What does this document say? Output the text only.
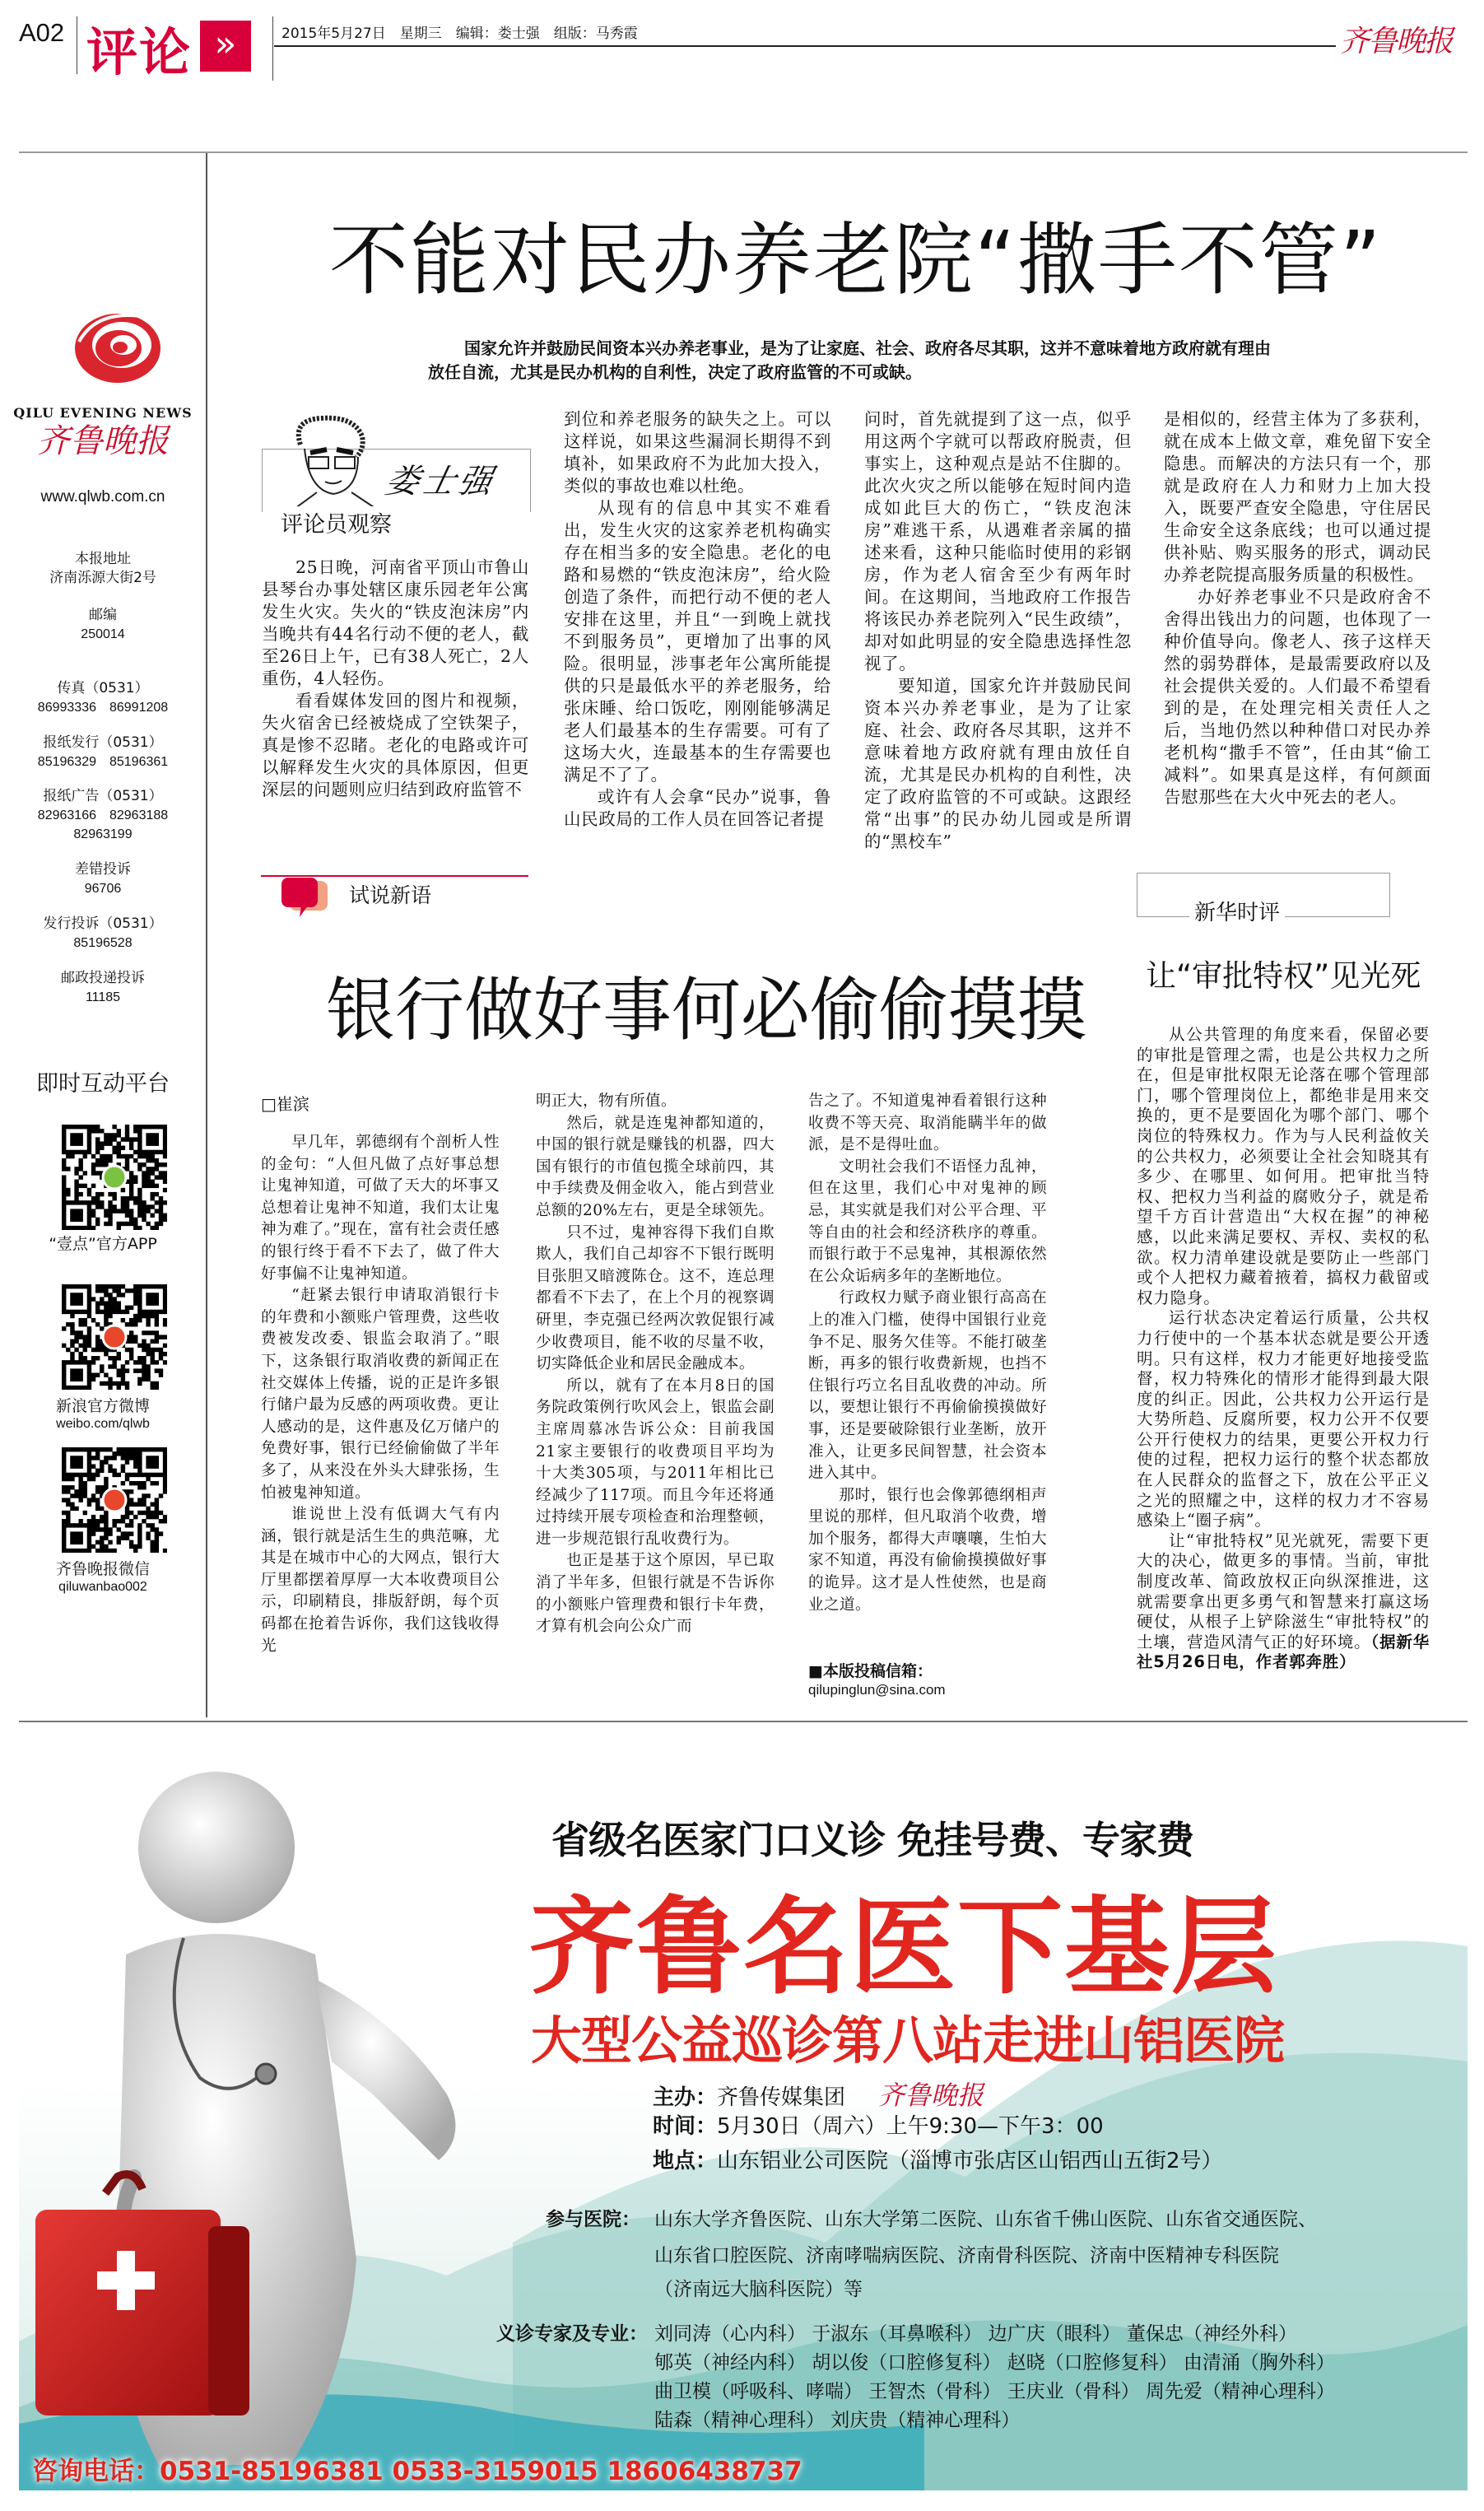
A02 评论 »	2015年5月27日　星期三　编辑：娄士强　组版：马秀霞	齐鲁晚报
QILU EVENING NEWS
齐鲁晚报
www.qlwb.com.cn
本报地址
济南泺源大街2号
邮编
250014
传真（0531）
86993336　86991208
报纸发行（0531）
85196329　85196361
报纸广告（0531）
82963166　82963188
82963199
差错投诉
96706
发行投诉（0531）
85196528
邮政投递投诉
11185
即时互动平台
“壹点”官方APP
新浪官方微博
weibo.com/qlwb
齐鲁晚报微信
qiluwanbao002
不能对民办养老院“撒手不管”
国家允许并鼓励民间资本兴办养老事业，是为了让家庭、社会、政府各尽其职，这并不意味着地方政府就有理由放任自流，尤其是民办机构的自利性，决定了政府监管的不可或缺。
娄士强
评论员观察

25日晚，河南省平顶山市鲁山县琴台办事处辖区康乐园老年公寓发生火灾。失火的“铁皮泡沫房”内当晚共有44名行动不便的老人，截至26日上午，已有38人死亡，2人重伤，4人轻伤。

看看媒体发回的图片和视频，失火宿舍已经被烧成了空铁架子，真是惨不忍睹。老化的电路或许可以解释发生火灾的具体原因，但更深层的问题则应归结到政府监管不

到位和养老服务的缺失之上。可以这样说，如果这些漏洞长期得不到填补，如果政府不为此加大投入，类似的事故也难以杜绝。

从现有的信息中其实不难看出，发生火灾的这家养老机构确实存在相当多的安全隐患。老化的电路和易燃的“铁皮泡沫房”，给火险创造了条件，而把行动不便的老人安排在这里，并且“一到晚上就找不到服务员”，更增加了出事的风险。很明显，涉事老年公寓所能提供的只是最低水平的养老服务，给张床睡、给口饭吃，刚刚能够满足老人们最基本的生存需要。可有了这场大火，连最基本的生存需要也满足不了了。

或许有人会拿“民办”说事，鲁山民政局的工作人员在回答记者提

问时，首先就提到了这一点，似乎用这两个字就可以帮政府脱责，但事实上，这种观点是站不住脚的。此次火灾之所以能够在短时间内造成如此巨大的伤亡，“铁皮泡沫房”难逃干系，从遇难者亲属的描述来看，这种只能临时使用的彩钢房，作为老人宿舍至少有两年时间。在这期间，当地政府工作报告将该民办养老院列入“民生政绩”，却对如此明显的安全隐患选择性忽视了。

要知道，国家允许并鼓励民间资本兴办养老事业，是为了让家庭、社会、政府各尽其职，这并不意味着地方政府就有理由放任自流，尤其是民办机构的自利性，决定了政府监管的不可或缺。这跟经常“出事”的民办幼儿园或是所谓的“黑校车”

是相似的，经营主体为了多获利，就在成本上做文章，难免留下安全隐患。而解决的方法只有一个，那就是政府在人力和财力上加大投入，既要严查安全隐患，守住居民生命安全这条底线；也可以通过提供补贴、购买服务的形式，调动民办养老院提高服务质量的积极性。

办好养老事业不只是政府舍不舍得出钱出力的问题，也体现了一种价值导向。像老人、孩子这样天然的弱势群体，是最需要政府以及社会提供关爱的。人们最不希望看到的是，在处理完相关责任人之后，当地仍然以种种借口对民办养老机构“撒手不管”，任由其“偷工减料”。如果真是这样，有何颜面告慰那些在大火中死去的老人。

试说新语
银行做好事何必偷偷摸摸
□崔滨

早几年，郭德纲有个剖析人性的金句：“人但凡做了点好事总想让鬼神知道，可做了天大的坏事又总想着让鬼神不知道，我们太让鬼神为难了。”现在，富有社会责任感的银行终于看不下去了，做了件大好事偏不让鬼神知道。

“赶紧去银行申请取消银行卡的年费和小额账户管理费，这些收费被发改委、银监会取消了。”眼下，这条银行取消收费的新闻正在社交媒体上传播，说的正是许多银行储户最为反感的两项收费。更让人感动的是，这件惠及亿万储户的免费好事，银行已经偷偷做了半年多了，从来没在外头大肆张扬，生怕被鬼神知道。

谁说世上没有低调大气有内涵，银行就是活生生的典范嘛，尤其是在城市中心的大网点，银行大厅里都摆着厚厚一大本收费项目公示，印刷精良，排版舒朗，每个页码都在抢着告诉你，我们这钱收得光

明正大，物有所值。

然后，就是连鬼神都知道的，中国的银行就是赚钱的机器，四大国有银行的市值包揽全球前四，其中手续费及佣金收入，能占到营业总额的20%左右，更是全球领先。

只不过，鬼神容得下我们自欺欺人，我们自己却容不下银行既明目张胆又暗渡陈仓。这不，连总理都看不下去了，在上个月的视察调研里，李克强已经两次敦促银行减少收费项目，能不收的尽量不收，切实降低企业和居民金融成本。

所以，就有了在本月8日的国务院政策例行吹风会上，银监会副主席周慕冰告诉公众：目前我国21家主要银行的收费项目平均为十大类305项，与2011年相比已经减少了117项。而且今年还将通过持续开展专项检查和治理整顿，进一步规范银行乱收费行为。

也正是基于这个原因，早已取消了半年多，但银行就是不告诉你的小额账户管理费和银行卡年费，才算有机会向公众广而

告之了。不知道鬼神看着银行这种收费不等天亮、取消能瞒半年的做派，是不是得吐血。

文明社会我们不语怪力乱神，但在这里，我们心中对鬼神的顾忌，其实就是我们对公平合理、平等自由的社会和经济秩序的尊重。而银行敢于不忌鬼神，其根源依然在公众诟病多年的垄断地位。

行政权力赋予商业银行高高在上的准入门槛，使得中国银行业竞争不足、服务欠佳等。不能打破垄断，再多的银行收费新规，也挡不住银行巧立名目乱收费的冲动。所以，要想让银行不再偷偷摸摸做好事，还是要破除银行业垄断，放开准入，让更多民间智慧，社会资本进入其中。

那时，银行也会像郭德纲相声里说的那样，但凡取消个收费，增加个服务，都得大声嚷嚷，生怕大家不知道，再没有偷偷摸摸做好事的诡异。这才是人性使然，也是商业之道。

■本版投稿信箱：
qilupinglun@sina.com
新华时评
让“审批特权”见光死

从公共管理的角度来看，保留必要的审批是管理之需，也是公共权力之所在，但是审批权限无论落在哪个管理部门，哪个管理岗位上，都绝非是用来交换的，更不是要固化为哪个部门、哪个岗位的特殊权力。作为与人民利益攸关的公共权力，必须要让全社会知晓其有多少、在哪里、如何用。把审批当特权、把权力当利益的腐败分子，就是希望千方百计营造出“大权在握”的神秘感，以此来满足要权、弄权、卖权的私欲。权力清单建设就是要防止一些部门或个人把权力藏着掖着，搞权力截留或权力隐身。

运行状态决定着运行质量，公共权力行使中的一个基本状态就是要公开透明。只有这样，权力才能更好地接受监督，权力特殊化的情形才能得到最大限度的纠正。因此，公共权力公开运行是大势所趋、反腐所要，权力公开不仅要公开行使权力的结果，更要公开权力行使的过程，把权力运行的整个状态都放在人民群众的监督之下，放在公平正义之光的照耀之中，这样的权力才不容易感染上“圈子病”。

让“审批特权”见光就死，需要下更大的决心，做更多的事情。当前，审批制度改革、简政放权正向纵深推进，这就需要拿出更多勇气和智慧来打赢这场硬仗，从根子上铲除滋生“审批特权”的土壤，营造风清气正的好环境。（据新华社5月26日电，作者郭奔胜）

省级名医家门口义诊 免挂号费、专家费
齐鲁名医下基层
大型公益巡诊第八站走进山铝医院
主办：齐鲁传媒集团 齐鲁晚报
时间：5月30日（周六）上午9:30—下午3：00
地点：山东铝业公司医院（淄博市张店区山铝西山五街2号）
参与医院： 山东大学齐鲁医院、山东大学第二医院、山东省千佛山医院、山东省交通医院、
山东省口腔医院、济南哮喘病医院、济南骨科医院、济南中医精神专科医院
（济南远大脑科医院）等
义诊专家及专业： 刘同涛（心内科） 于淑东（耳鼻喉科） 边广庆（眼科） 董保忠（神经外科）
郇英（神经内科） 胡以俊（口腔修复科） 赵晓（口腔修复科） 由清涌（胸外科）
曲卫模（呼吸科、哮喘） 王智杰（骨科） 王庆业（骨科） 周先爱（精神心理科）
陆森（精神心理科） 刘庆贵（精神心理科）
咨询电话：0531-85196381 0533-3159015 18606438737
